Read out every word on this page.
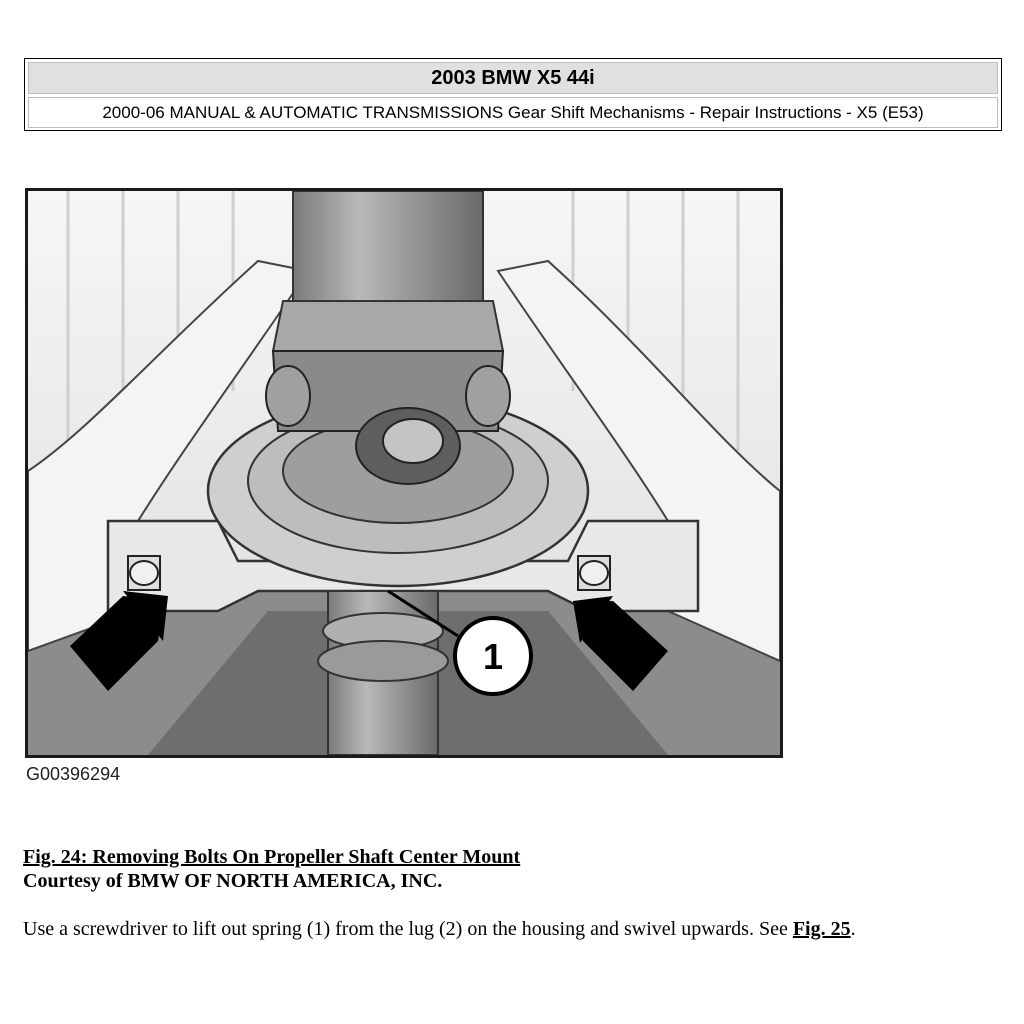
2003 BMW X5 44i
2000-06 MANUAL & AUTOMATIC TRANSMISSIONS Gear Shift Mechanisms - Repair Instructions - X5 (E53)
1
G00396294
Fig. 24: Removing Bolts On Propeller Shaft Center Mount
Courtesy of BMW OF NORTH AMERICA, INC.
Use a screwdriver to lift out spring (1) from the lug (2) on the housing and swivel upwards. See Fig. 25.
